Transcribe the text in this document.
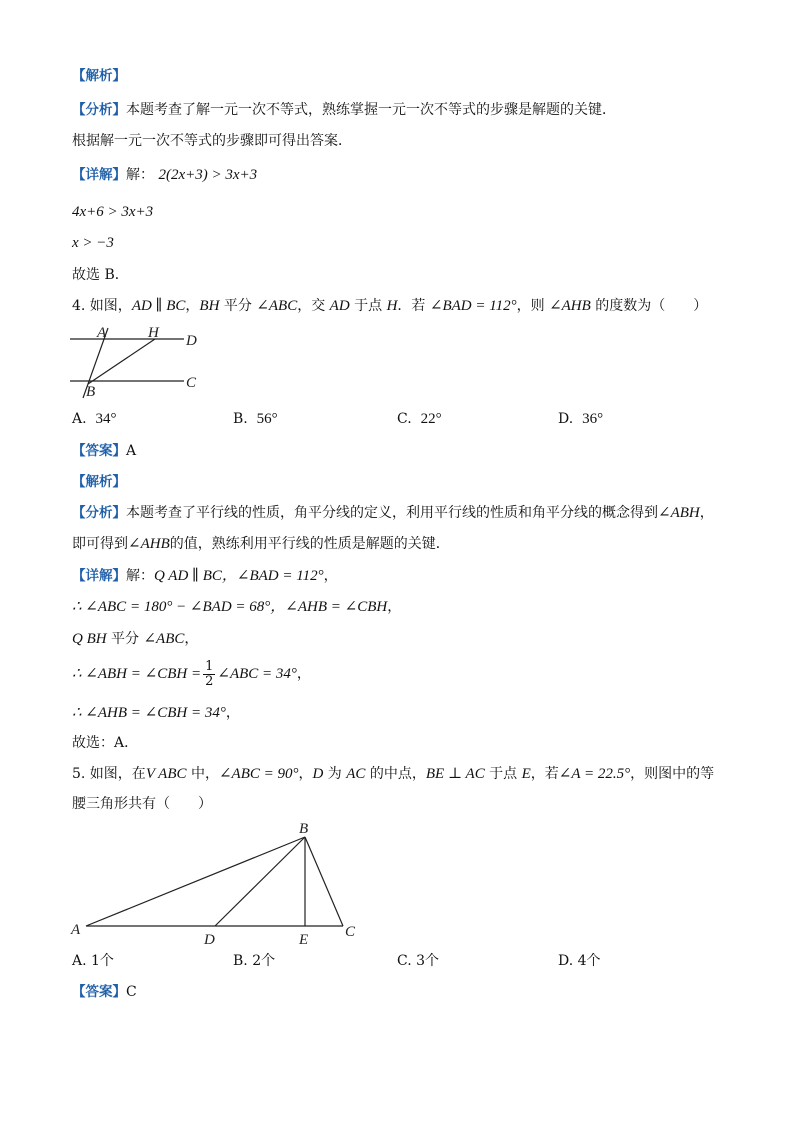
【解析】
【分析】本题考查了解一元一次不等式，熟练掌握一元一次不等式的步骤是解题的关键．
根据解一元一次不等式的步骤即可得出答案．
【详解】解： 2(2x+3) > 3x+3
4x+6 > 3x+3
x > −3
故选 B．
4. 如图，AD ∥ BC，BH 平分 ∠ABC，交 AD 于点 H．若 ∠BAD = 112°，则 ∠AHB 的度数为（　　）
A	H D
B
C
A. 34°	B. 56°	C. 22°	D. 36°
【答案】A
【解析】
【分析】本题考查了平行线的性质，角平分线的定义，利用平行线的性质和角平分线的概念得到∠ABH，
即可得到∠AHB的值，熟练利用平行线的性质是解题的关键．
【详解】解：Q AD ∥ BC，∠BAD = 112°，
∴ ∠ABC = 180° − ∠BAD = 68°，∠AHB = ∠CBH，
Q BH 平分 ∠ABC，
∴ ∠ABH = ∠CBH = $\frac{1}{2}$ ∠ABC = 34°，
∴ ∠AHB = ∠CBH = 34°，
故选：A．
5. 如图，在V ABC 中，∠ABC = 90°，D 为 AC 的中点，BE ⊥ AC 于点 E，若∠A = 22.5°，则图中的等
腰三角形共有（　　）
A
B
C
D	E
A. 1个	B. 2个	C. 3个	D. 4个
【答案】C
